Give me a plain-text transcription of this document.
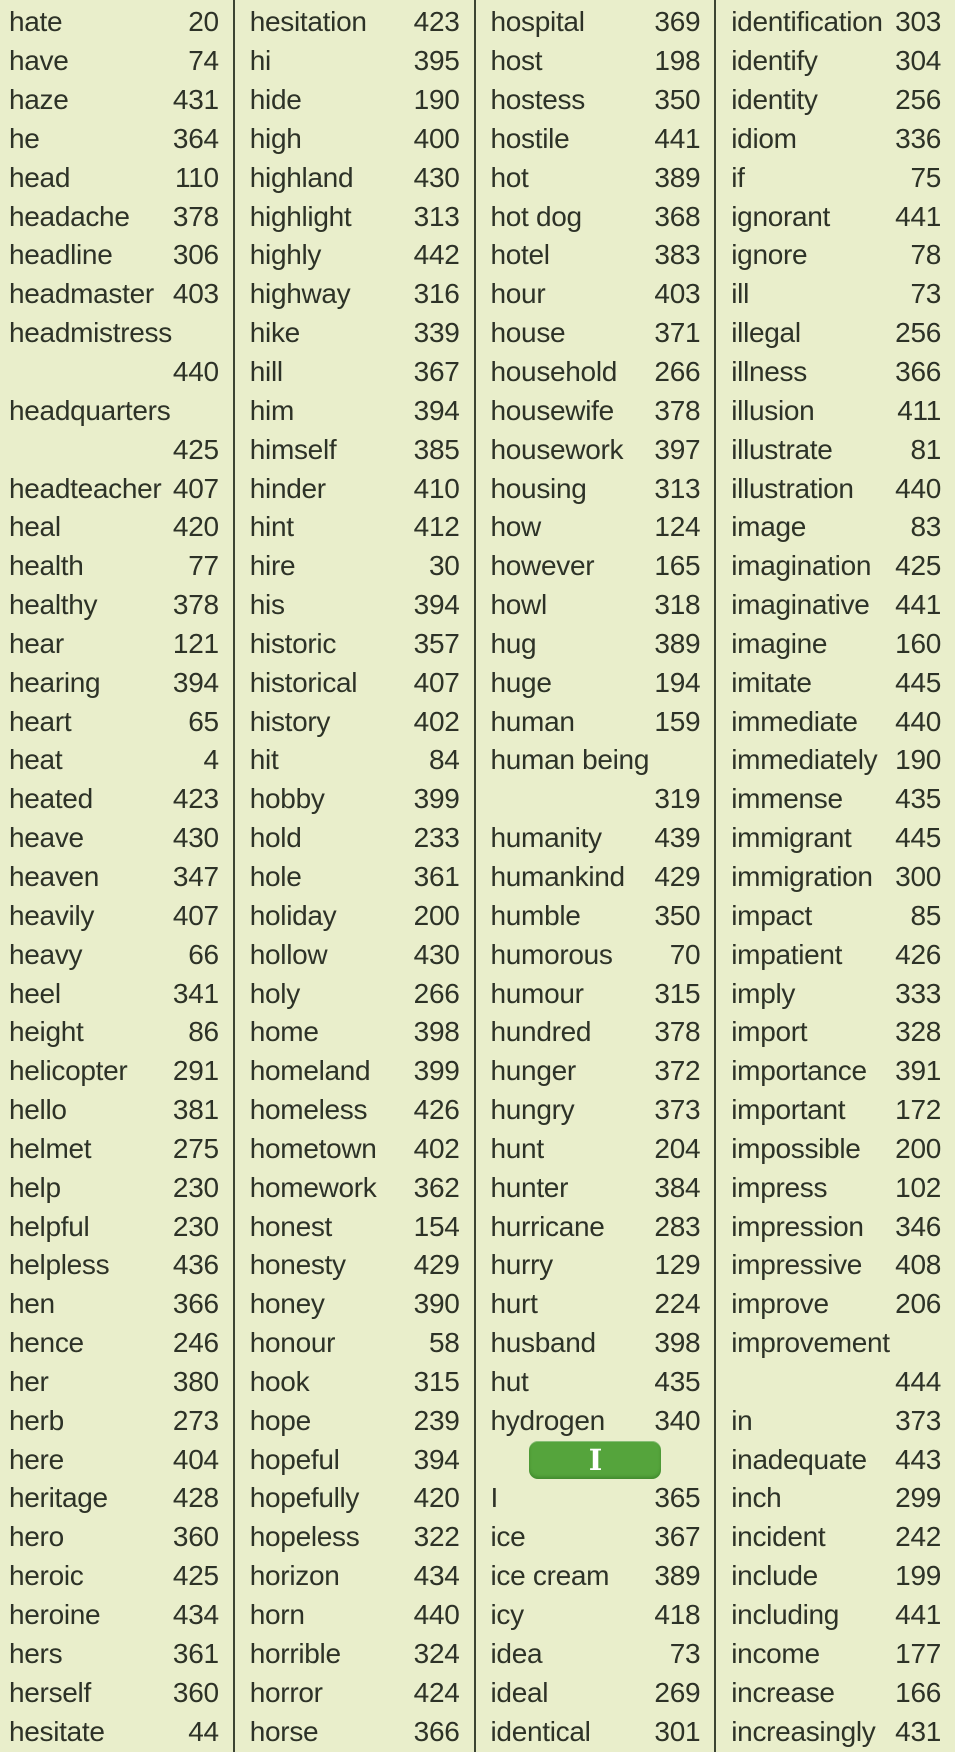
hate	20
have	74
haze	431
he	364
head	110
headache 378
headline 306
headmaster 403
headmistress
440
headquarters
425
headteacher 407
heal	420
health	77
healthy	378
hear	121
hearing	394
heart	65
heat	4
heated	423
heave	430
heaven	347
heavily	407
heavy	66
heel	341
height	86
helicopter 291
hello	381
helmet	275
help	230
helpful	230
helpless 436
hen	366
hence	246
her	380
herb	273
here	404
heritage 428
hero	360
heroic	425
heroine	434
hers	361
herself	360
hesitate	44
hesitation 423
hi	395
hide	190
high	400
highland 430
highlight 313
highly	442
highway 316
hike	339
hill	367
him	394
himself	385
hinder	410
hint	412
hire	30
his	394
historic	357
historical 407
history	402
hit	84
hobby	399
hold	233
hole	361
holiday	200
hollow	430
holy	266
home	398
homeland 399
homeless 426
hometown 402
homework 362
honest	154
honesty 429
honey	390
honour	58
hook	315
hope	239
hopeful	394
hopefully 420
hopeless 322
horizon	434
horn	440
horrible	324
horror	424
horse	366
hospital 369
host	198
hostess 350
hostile	441
hot	389
hot dog	368
hotel	383
hour	403
house	371
household 266
housewife 378
housework 397
housing 313
how	124
however 165
howl	318
hug	389
huge	194
human	159
human being
319
humanity 439
humankind 429
humble	350
humorous 70
humour	315
hundred 378
hunger	372
hungry	373
hunt	204
hunter	384
hurricane 283
hurry	129
hurt	224
husband 398
hut	435
hydrogen 340
I
I	365
ice	367
ice cream 389
icy	418
idea	73
ideal	269
identical 301
identification 303
identify	304
identity	256
idiom	336
if	75
ignorant 441
ignore	78
ill	73
illegal	256
illness	366
illusion	411
illustrate	81
illustration 440
image	83
imagination 425
imaginative 441
imagine 160
imitate	445
immediate 440
immediately 190
immense 435
immigrant 445
immigration 300
impact	85
impatient 426
imply	333
import	328
importance 391
important 172
impossible 200
impress 102
impression 346
impressive 408
improve 206
improvement
444
in	373
inadequate 443
inch	299
incident 242
include	199
including 441
income	177
increase 166
increasingly 431
